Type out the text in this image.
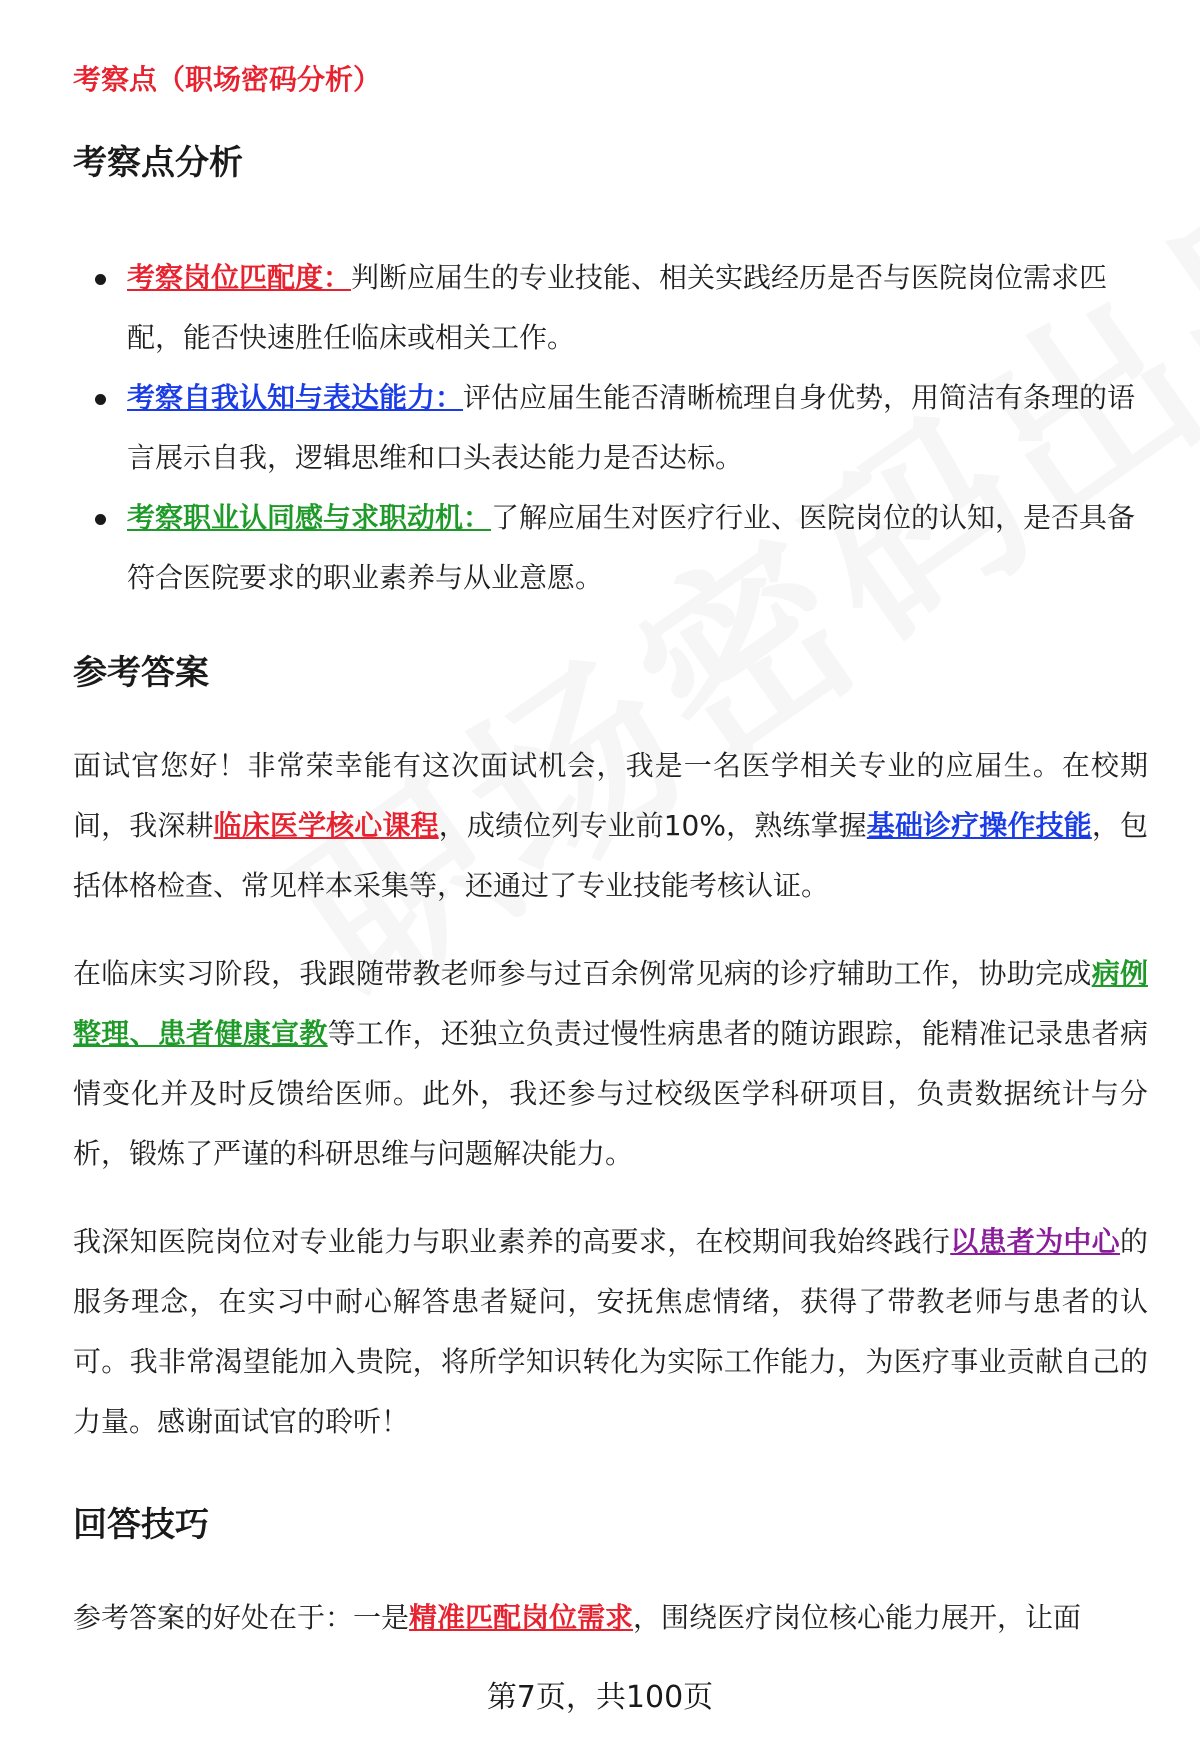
考察点（职场密码分析）
考察点分析
考察岗位匹配度：判断应届生的专业技能、相关实践经历是否与医院岗位需求匹配，能否快速胜任临床或相关工作。
考察自我认知与表达能力：评估应届生能否清晰梳理自身优势，用简洁有条理的语言展示自我，逻辑思维和口头表达能力是否达标。
考察职业认同感与求职动机：了解应届生对医疗行业、医院岗位的认知，是否具备符合医院要求的职业素养与从业意愿。
参考答案

面试官您好！非常荣幸能有这次面试机会，我是一名医学相关专业的应届生。在校期间，我深耕临床医学核心课程，成绩位列专业前10%，熟练掌握基础诊疗操作技能，包括体格检查、常见样本采集等，还通过了专业技能考核认证。

在临床实习阶段，我跟随带教老师参与过百余例常见病的诊疗辅助工作，协助完成病例整理、患者健康宣教等工作，还独立负责过慢性病患者的随访跟踪，能精准记录患者病情变化并及时反馈给医师。此外，我还参与过校级医学科研项目，负责数据统计与分析，锻炼了严谨的科研思维与问题解决能力。

我深知医院岗位对专业能力与职业素养的高要求，在校期间我始终践行以患者为中心的服务理念，在实习中耐心解答患者疑问，安抚焦虑情绪，获得了带教老师与患者的认可。我非常渴望能加入贵院，将所学知识转化为实际工作能力，为医疗事业贡献自己的力量。感谢面试官的聆听！

回答技巧

参考答案的好处在于：一是精准匹配岗位需求，围绕医疗岗位核心能力展开，让面

第7页，共100页
